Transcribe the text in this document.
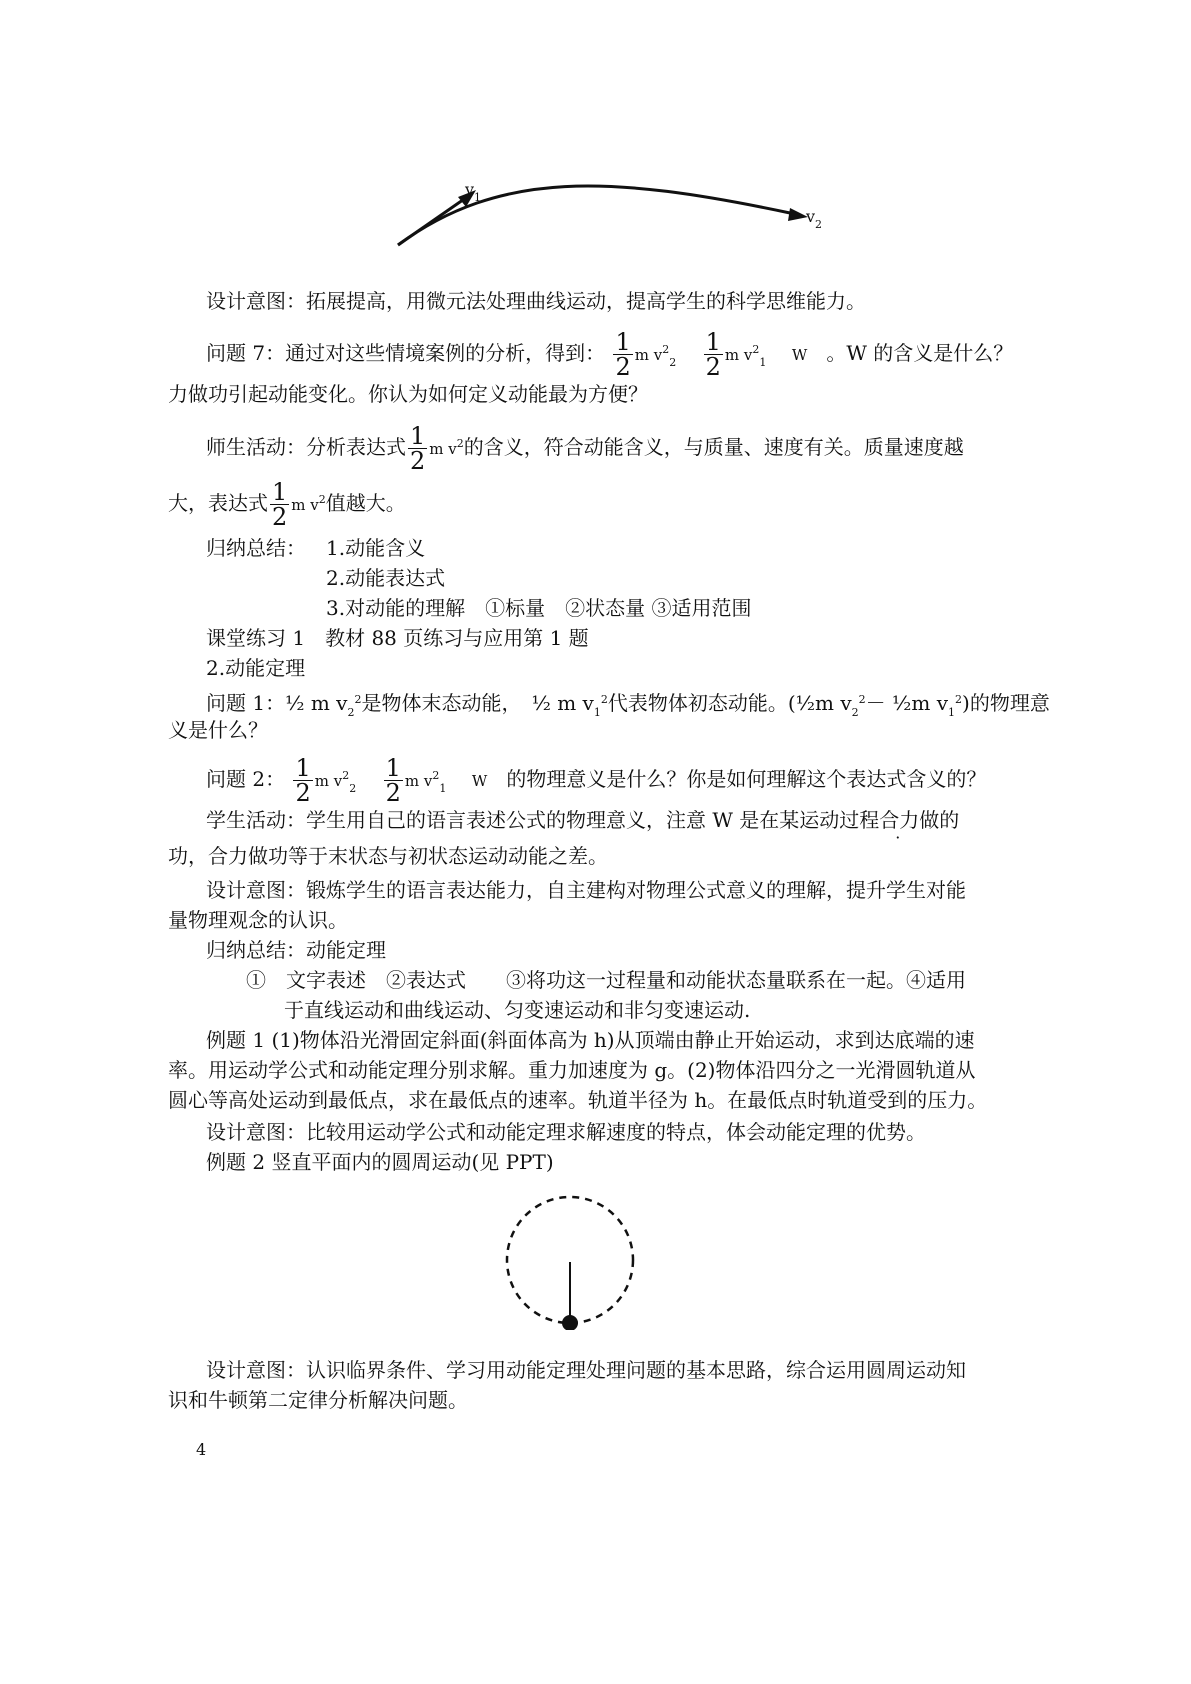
$v_1$
$v_2$
设计意图：拓展提高，用微元法处理曲线运动，提高学生的科学思维能力。
问题 7：通过对这些情境案例的分析，得到： $\frac{1}{2}$ m $v^2_2 \frac{1}{2}$ m $v^2_1$ W 。W 的含义是什么？
力做功引起动能变化。你认为如何定义动能最为方便？
师生活动：分析表达式 $\frac{1}{2}$ m $v^2$的含义，符合动能含义，与质量、速度有关。质量速度越
大，表达式 $\frac{1}{2}$ m $v^2$值越大。
归纳总结： 1.动能含义
2.动能表达式
3.对动能的理解　①标量　②状态量 ③适用范围
课堂练习 1　教材 88 页练习与应用第 1 题
2.动能定理
问题 1：½ m $v_2^2$是物体末态动能，　½ m $v_1^2$代表物体初态动能。(½m $v_2^2-$ ½m $v_1^2$)的物理意
义是什么？
问题 2： $\frac{1}{2}$ m $v^2_2 \frac{1}{2}$ m $v^2_1$ W 的物理意义是什么？你是如何理解这个表达式含义的？
学生活动：学生用自己的语言表述公式的物理意义，注意 W 是在某运动过程合力做的
功，合力做功等于末状态与初状态运动动能之差。
设计意图：锻炼学生的语言表达能力，自主建构对物理公式意义的理解，提升学生对能
量物理观念的认识。
归纳总结：动能定理
①　文字表述　②表达式　　③将功这一过程量和动能状态量联系在一起。④适用
于直线运动和曲线运动、匀变速运动和非匀变速运动.
例题 1 (1)物体沿光滑固定斜面(斜面体高为 h)从顶端由静止开始运动，求到达底端的速
率。用运动学公式和动能定理分别求解。重力加速度为 g。(2)物体沿四分之一光滑圆轨道从
圆心等高处运动到最低点，求在最低点的速率。轨道半径为 h。在最低点时轨道受到的压力。
设计意图：比较用运动学公式和动能定理求解速度的特点，体会动能定理的优势。
例题 2 竖直平面内的圆周运动(见 PPT)
设计意图：认识临界条件、学习用动能定理处理问题的基本思路，综合运用圆周运动知
识和牛顿第二定律分析解决问题。
4
